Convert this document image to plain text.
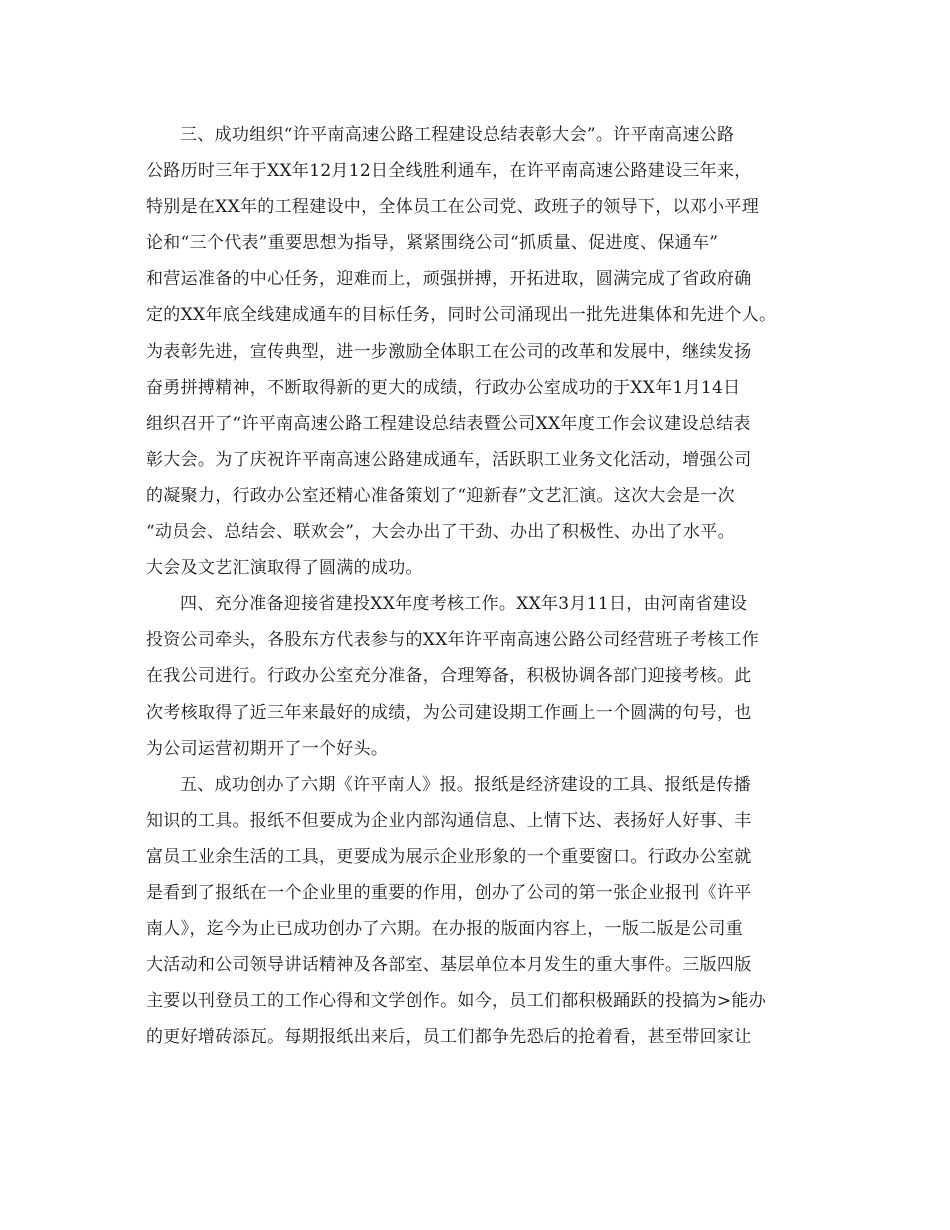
三、成功组织“许平南高速公路工程建设总结表彰大会”。许平南高速公路
公路历时三年于XX年12月12日全线胜利通车，在许平南高速公路建设三年来，
特别是在XX年的工程建设中，全体员工在公司党、政班子的领导下，以邓小平理
论和“三个代表”重要思想为指导，紧紧围绕公司“抓质量、促进度、保通车”
和营运准备的中心任务，迎难而上，顽强拼搏，开拓进取，圆满完成了省政府确
定的XX年底全线建成通车的目标任务，同时公司涌现出一批先进集体和先进个人。
为表彰先进，宣传典型，进一步激励全体职工在公司的改革和发展中，继续发扬
奋勇拼搏精神，不断取得新的更大的成绩，行政办公室成功的于XX年1月14日
组织召开了“许平南高速公路工程建设总结表暨公司XX年度工作会议建设总结表
彰大会。为了庆祝许平南高速公路建成通车，活跃职工业务文化活动，增强公司
的凝聚力，行政办公室还精心准备策划了“迎新春”文艺汇演。这次大会是一次
“动员会、总结会、联欢会”，大会办出了干劲、办出了积极性、办出了水平。
大会及文艺汇演取得了圆满的成功。
四、充分准备迎接省建投XX年度考核工作。XX年3月11日，由河南省建设
投资公司牵头，各股东方代表参与的XX年许平南高速公路公司经营班子考核工作
在我公司进行。行政办公室充分准备，合理筹备，积极协调各部门迎接考核。此
次考核取得了近三年来最好的成绩，为公司建设期工作画上一个圆满的句号，也
为公司运营初期开了一个好头。
五、成功创办了六期《许平南人》报。报纸是经济建设的工具、报纸是传播
知识的工具。报纸不但要成为企业内部沟通信息、上情下达、表扬好人好事、丰
富员工业余生活的工具，更要成为展示企业形象的一个重要窗口。行政办公室就
是看到了报纸在一个企业里的重要的作用，创办了公司的第一张企业报刊《许平
南人》，迄今为止已成功创办了六期。在办报的版面内容上，一版二版是公司重
大活动和公司领导讲话精神及各部室、基层单位本月发生的重大事件。三版四版
主要以刊登员工的工作心得和文学创作。如今，员工们都积极踊跃的投搞为>能办
的更好增砖添瓦。每期报纸出来后，员工们都争先恐后的抢着看，甚至带回家让
